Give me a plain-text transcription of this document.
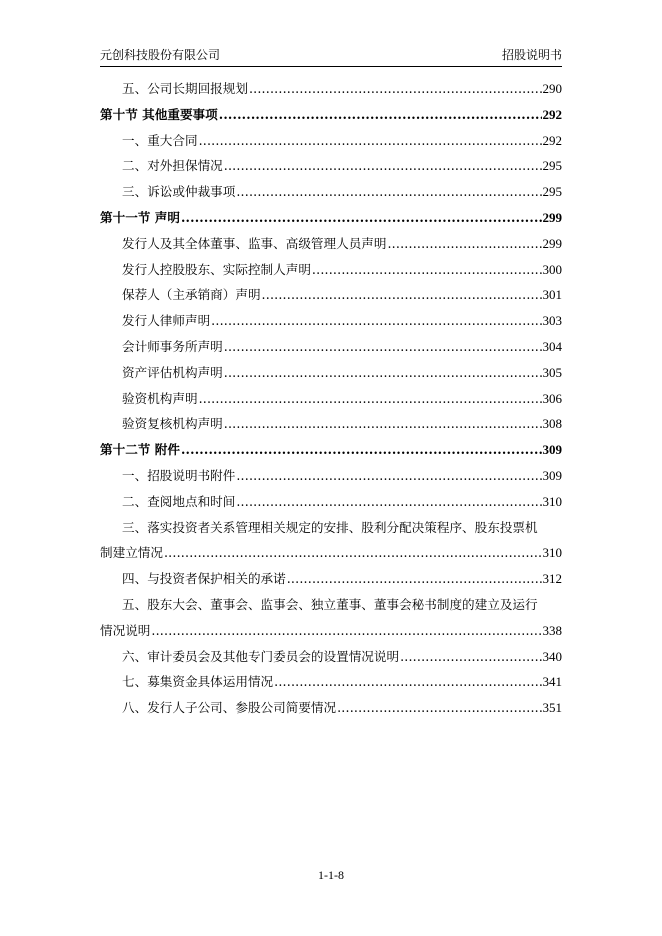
元创科技股份有限公司	招股说明书
五、公司长期回报规划 .....	290
第十节 其他重要事项 .....	292
一、重大合同 .....	292
二、对外担保情况 .....	295
三、诉讼或仲裁事项 .....	295
第十一节 声明 .....	299
发行人及其全体董事、监事、高级管理人员声明 .....	299
发行人控股股东、实际控制人声明 .....	300
保荐人（主承销商）声明 .....	301
发行人律师声明 .....	303
会计师事务所声明 .....	304
资产评估机构声明 .....	305
验资机构声明 .....	306
验资复核机构声明 .....	308
第十二节 附件 .....	309
一、招股说明书附件 .....	309
二、查阅地点和时间 .....	310
三、落实投资者关系管理相关规定的安排、股利分配决策程序、股东投票机
制建立情况 .....	310
四、与投资者保护相关的承诺 .....	312
五、股东大会、董事会、监事会、独立董事、董事会秘书制度的建立及运行
情况说明 .....	338
六、审计委员会及其他专门委员会的设置情况说明 .....	340
七、募集资金具体运用情况 .....	341
八、发行人子公司、参股公司简要情况 .....	351
1-1-8
